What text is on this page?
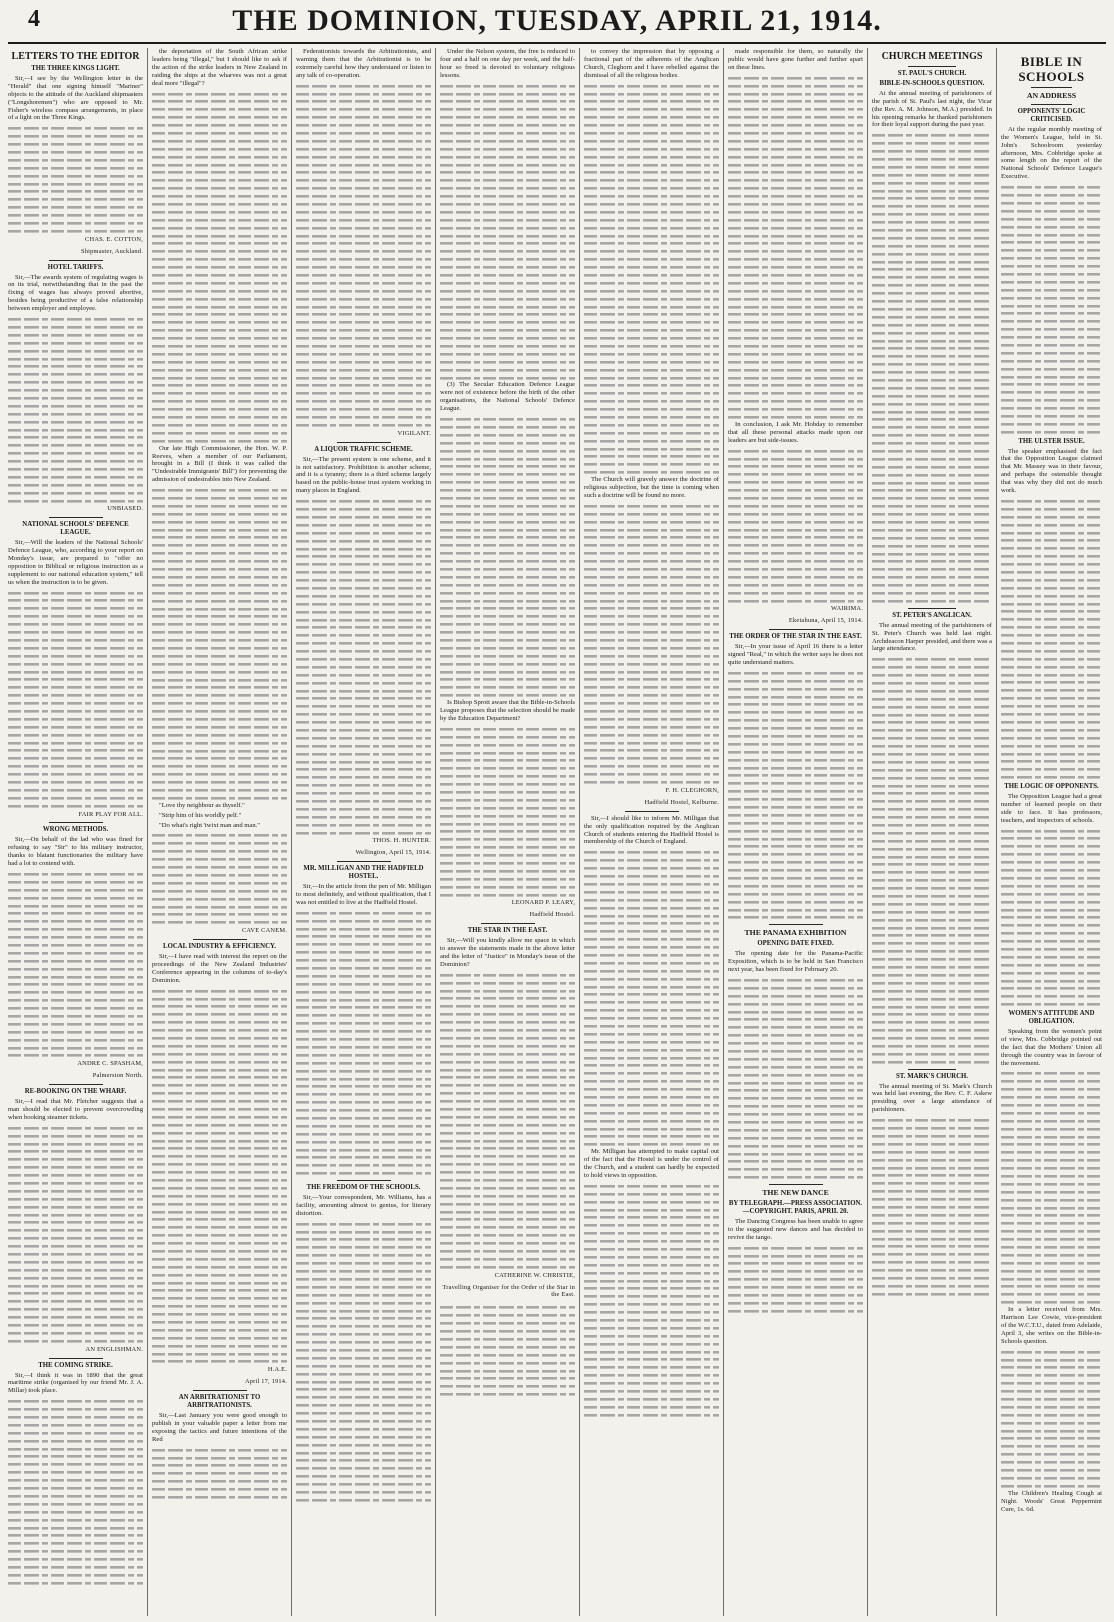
4	THE DOMINION, TUESDAY, APRIL 21, 1914.
LETTERS TO THE EDITOR
THE THREE KINGS LIGHT.

Sir,—I see by the Wellington letter in the "Herald" that one signing himself "Mariner" objects to the attitude of the Auckland shipmasters ("Longshoremen") who are opposed to Mr. Fisher's wireless compass arrangements, in place of a light on the Three Kings.

CHAS. E. COTTON,
Shipmaster, Auckland.
HOTEL TARIFFS.

Sir,—The awards system of regulating wages is on its trial, notwithstanding that in the past the fixing of wages has always proved abortive, besides being productive of a false relationship between employer and employee.

UNBIASED.
NATIONAL SCHOOLS' DEFENCE LEAGUE.

Sir,—Will the leaders of the National Schools' Defence League, who, according to your report on Monday's issue, are prepared to "offer no opposition to Biblical or religious instruction as a supplement to our national education system," tell us when the instruction is to be given.

FAIR PLAY FOR ALL.
WRONG METHODS.

Sir,—On behalf of the lad who was fined for refusing to say "Sir" to his military instructor, thanks to blatant functionaries the military have had a lot to contend with.

ANDRE C. SPASHAM,
Palmerston North.
RE-BOOKING ON THE WHARF.

Sir,—I read that Mr. Fletcher suggests that a man should be elected to prevent overcrowding when booking steamer tickets.

AN ENGLISHMAN.
THE COMING STRIKE.

Sir,—I think it was in 1890 that the great maritime strike (organised by our friend Mr. J. A. Millar) took place.

the deportation of the South African strike leaders being "illegal," but I should like to ask if the action of the strike leaders in New Zealand in raiding the ships at the wharves was not a great deal more "illegal"?

Our late High Commissioner, the Hon. W. P. Reeves, when a member of our Parliament, brought in a Bill (I think it was called the "Undesirable Immigrants' Bill") for preventing the admission of undesirables into New Zealand.

"Love thy neighbour as thyself."

"Strip him of his worldly pelf."

"Do what's right 'twixt man and man."

CAVE CANEM.
LOCAL INDUSTRY & EFFICIENCY.

Sir,—I have read with interest the report on the proceedings of the New Zealand Industries' Conference appearing in the columns of to-day's Dominion.

H.A.E.
April 17, 1914.
AN ARBITRATIONIST TO ARBITRATIONISTS.

Sir,—Last January you were good enough to publish in your valuable paper a letter from me exposing the tactics and future intentions of the Red

Federationists towards the Arbitrationists, and warning them that the Arbitrationist is to be extremely careful how they understand or listen to any talk of co-operation.

VIGILANT.
A LIQUOR TRAFFIC SCHEME.

Sir,—The present system is one scheme, and it is not satisfactory. Prohibition is another scheme, and it is a tyranny; there is a third scheme largely based on the public-house trust system working in many places in England.

THOS. H. HUNTER.
Wellington, April 15, 1914.
MR. MILLIGAN AND THE HADFIELD HOSTEL.

Sir,—In the article from the pen of Mr. Milligan to most definitely, and without qualification, that I was not entitled to live at the Hadfield Hostel.

THE FREEDOM OF THE SCHOOLS.

Sir,—Your correspondent, Mr. Williams, has a facility, amounting almost to genius, for literary distortion.

Under the Nelson system, the free is reduced to four and a half on one day per week, and the half-hour so freed is devoted to voluntary religious lessons.

(3) The Secular Education Defence League were not of existence before the birth of the other organisations, the National Schools' Defence League.

Is Bishop Sprott aware that the Bible-in-Schools League proposes that the selection should be made by the Education Department?

LEONARD P. LEARY,
Hadfield Hostel.
THE STAR IN THE EAST.

Sir,—Will you kindly allow me space in which to answer the statements made in the above letter and the letter of "Justice" in Monday's issue of the Dominion?

CATHERINE W. CHRISTIE,
Travelling Organiser for the Order of the Star in the East.

to convey the impression that by opposing a fractional part of the adherents of the Anglican Church, Cleghorn and I have rebelled against the dismissal of all the religious bodies.

The Church will gravely answer the doctrine of religious subjection, but the time is coming when such a doctrine will be found no more.

F. H. CLEGHORN,
Hadfield Hostel, Kelburne.

Sir,—I should like to inform Mr. Milligan that the only qualification required by the Anglican Church of students entering the Hadfield Hostel is membership of the Church of England.

Mr. Milligan has attempted to make capital out of the fact that the Hostel is under the control of the Church, and a student can hardly be expected to hold views in opposition.

made responsible for them, so naturally the public would have gone further and further apart on these lines.

In conclusion, I ask Mr. Hobday to remember that all these personal attacks made upon our leaders are but side-issues.

WAIRIMA.
Eketahuna, April 15, 1914.
THE ORDER OF THE STAR IN THE EAST.

Sir,—In your issue of April 16 there is a letter signed "Real," in which the writer says he does not quite understand matters.

THE PANAMA EXHIBITION
OPENING DATE FIXED.

The opening date for the Panama-Pacific Exposition, which is to be held in San Francisco next year, has been fixed for February 20.

THE NEW DANCE
BY TELEGRAPH.—PRESS ASSOCIATION.—COPYRIGHT. PARIS, APRIL 20.

The Dancing Congress has been unable to agree to the suggested new dances and has decided to revive the tango.

CHURCH MEETINGS
ST. PAUL'S CHURCH.
BIBLE-IN-SCHOOLS QUESTION.

At the annual meeting of parishioners of the parish of St. Paul's last night, the Vicar (the Rev. A. M. Johnson, M.A.) presided. In his opening remarks he thanked parishioners for their loyal support during the past year.

ST. PETER'S ANGLICAN.

The annual meeting of the parishioners of St. Peter's Church was held last night. Archdeacon Harper presided, and there was a large attendance.

ST. MARK'S CHURCH.

The annual meeting of St. Mark's Church was held last evening, the Rev. C. F. Askew presiding over a large attendance of parishioners.

BIBLE IN SCHOOLS
AN ADDRESS
OPPONENTS' LOGIC CRITICISED.

At the regular monthly meeting of the Women's League, held in St. John's Schoolroom yesterday afternoon, Mrs. Cobbridge spoke at some length on the report of the National Schools' Defence League's Executive.

THE ULSTER ISSUE.

The speaker emphasised the fact that the Opposition League claimed that Mr. Massey was in their favour, and perhaps the ostensible thought that was why they did not do much work.

THE LOGIC OF OPPONENTS.

The Opposition League had a great number of learned people on their side to face. It has professors, teachers, and inspectors of schools.

WOMEN'S ATTITUDE AND OBLIGATION.

Speaking from the women's point of view, Mrs. Cobbridge pointed out the fact that the Mothers' Union all through the country was in favour of the movement.

In a letter received from Mrs. Harrison Lee Cowie, vice-president of the W.C.T.U., dated from Adelaide, April 3, she writes on the Bible-in-Schools question.

The Children's Healing Cough at Night. Woods' Great Peppermint Cure, 1s. 6d.
